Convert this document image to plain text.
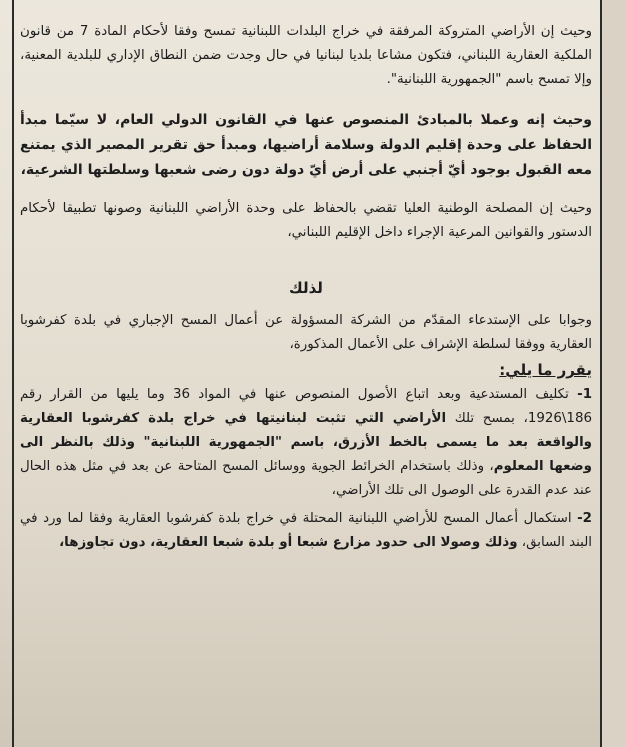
وحيث إن الأراضي المتروكة المرفقة في خراج البلدات اللبنانية تمسح وفقا لأحكام المادة 7 من قانون الملكية العقارية اللبناني، فتكون مشاعا بلديا لبنانيا في حال وجدت ضمن النطاق الإداري للبلدية المعنية، وإلا تمسح باسم "الجمهورية اللبنانية".

وحيث إنه وعملا بالمبادئ المنصوص عنها في القانون الدولي العام، لا سيّما مبدأ الحفاظ على وحدة إقليم الدولة وسلامة أراضيها، ومبدأ حق تقرير المصير الذي يمتنع معه القبول بوجود أيّ أجنبي على أرض أيّ دولة دون رضى شعبها وسلطتها الشرعية،

وحيث إن المصلحة الوطنية العليا تقضي بالحفاظ على وحدة الأراضي اللبنانية وصونها تطبيقا لأحكام الدستور والقوانين المرعية الإجراء داخل الإقليم اللبناني،

لذلك

وجوابا على الإستدعاء المقدّم من الشركة المسؤولة عن أعمال المسح الإجباري في بلدة كفرشوبا العقارية ووفقا لسلطة الإشراف على الأعمال المذكورة،

يقرر ما يلي:

1- تكليف المستدعية وبعد اتباع الأصول المنصوص عنها في المواد 36 وما يليها من القرار رقم 186\1926، بمسح تلك الأراضي التي تثبت لبنانيتها في خراج بلدة كفرشوبا العقارية والواقعة بعد ما يسمى بالخط الأزرق، باسم "الجمهورية اللبنانية" وذلك بالنظر الى وضعها المعلوم، وذلك باستخدام الخرائط الجوية ووسائل المسح المتاحة عن بعد في مثل هذه الحال عند عدم القدرة على الوصول الى تلك الأراضي،

2- استكمال أعمال المسح للأراضي اللبنانية المحتلة في خراج بلدة كفرشوبا العقارية وفقا لما ورد في البند السابق، وذلك وصولا الى حدود مزارع شبعا أو بلدة شبعا العقارية، دون تجاوزها،
